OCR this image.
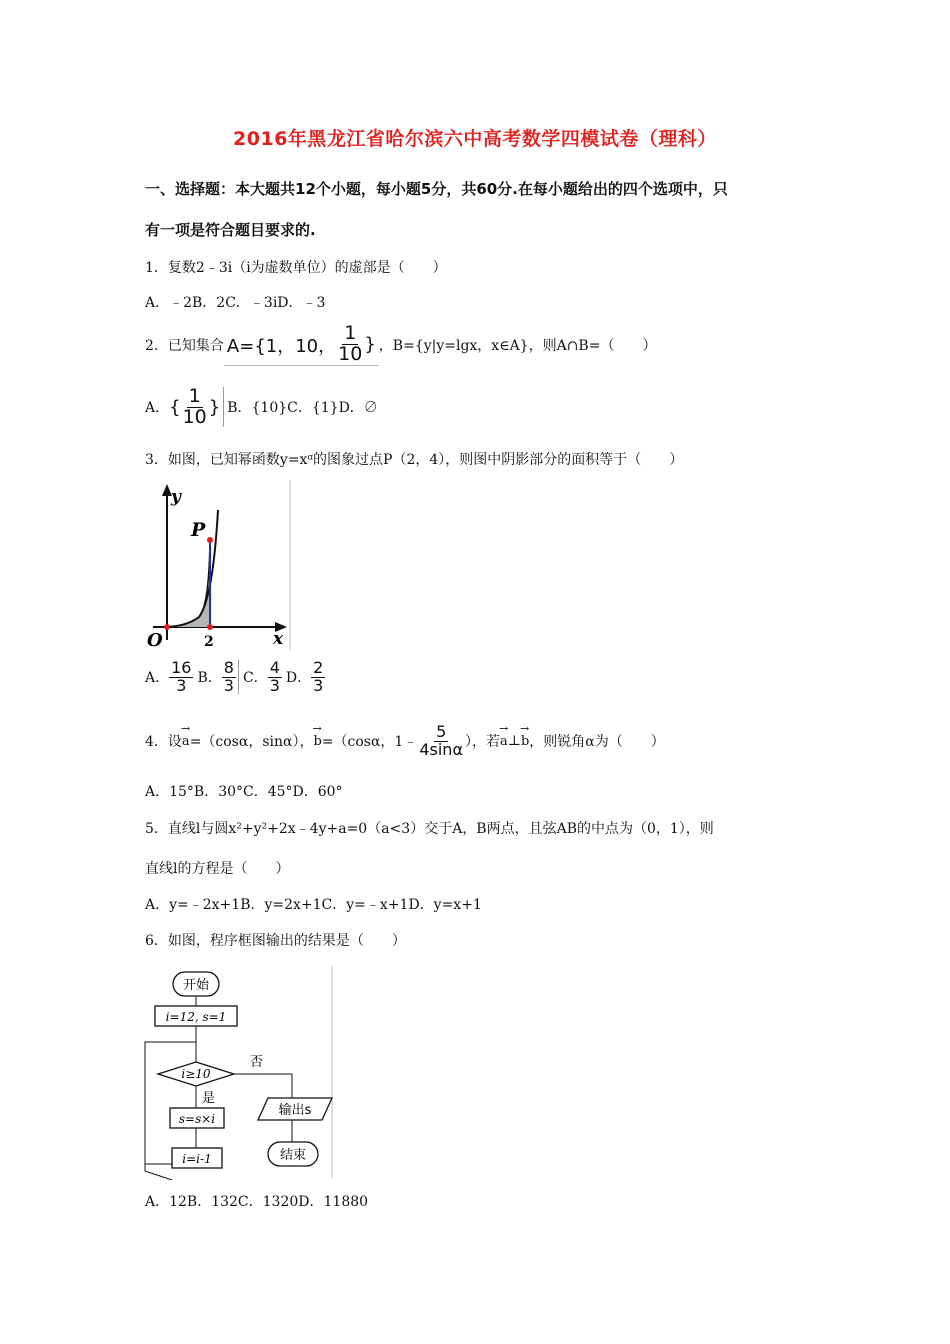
2016年黑龙江省哈尔滨六中高考数学四模试卷（理科）
一、选择题：本大题共12个小题，每小题5分，共60分.在每小题给出的四个选项中，只
有一项是符合题目要求的.
1．复数2﹣3i（i为虚数单位）的虚部是（　　）
A．﹣2B．2C．﹣3iD．﹣3
2．已知集合 A={1，10， $\frac{1}{10}$ } ，B={y|y=lgx，x∈A}，则A∩B=（　　）
A． { $\frac{1}{10}$ } B．{10}C．{1}D．∅
3．如图，已知幂函数y=xᵅ的图象过点P（2，4），则图中阴影部分的面积等于（　　）
y
x
O
P
2
A． $\frac{16}{3}$ B． $\frac{8}{3}$ C． $\frac{4}{3}$ D． $\frac{2}{3}$
4．设 → a =（cosα，sinα）， → b =（cosα，1﹣ $\frac{5}{4\sin\alpha}$ ），若 → a ⊥ → b ，则锐角α为（　　）
A．15°B．30°C．45°D．60°
5．直线l与圆x²+y²+2x﹣4y+a=0（a<3）交于A，B两点，且弦AB的中点为（0，1），则
直线l的方程是（　　）
A．y=﹣2x+1B．y=2x+1C．y=﹣x+1D．y=x+1
6．如图，程序框图输出的结果是（　　）
开始
i=12, s=1
i≥10
否
是
s=s×i
i=i-1
输出s
结束
A．12B．132C．1320D．11880
